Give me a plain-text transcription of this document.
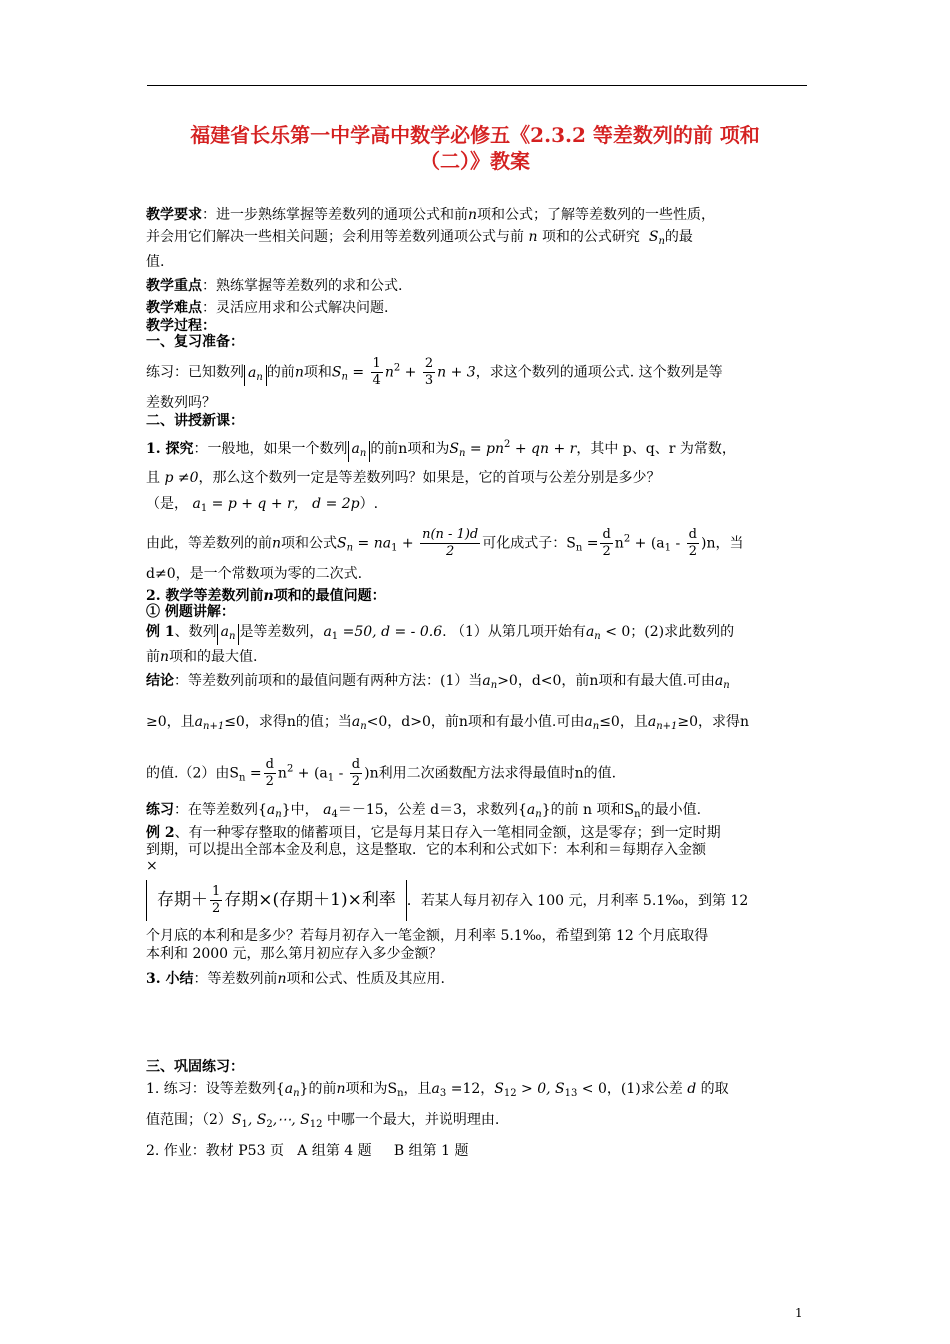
福建省长乐第一中学高中数学必修五《2.3.2 等差数列的前 项和
（二）》教案
教学要求：进一步熟练掌握等差数列的通项公式和前n项和公式；了解等差数列的一些性质，
并会用它们解决一些相关问题；会利用等差数列通项公式与前 n 项和的公式研究 $S_n$的最
值.
教学重点：熟练掌握等差数列的求和公式.
教学难点：灵活应用求和公式解决问题.
教学过程：
一、复习准备：
练习：已知数列 $a_n$ 的前n项和$S_n = \frac{1}{4} n^2 + \frac{2}{3}$ n + 3，求这个数列的通项公式. 这个数列是等
差数列吗？
二、讲授新课：
1. 探究：一般地，如果一个数列 $a_n$ 的前n项和为$S_n = pn^2$ + qn + r，其中 p、q、r 为常数，
且 p ≠0，那么这个数列一定是等差数列吗？如果是，它的首项与公差分别是多少？
（是， $a_1 = p + q + r$， d = 2p）.
由此，等差数列的前n项和公式$S_n = na_1 + \frac{n(n - 1)d}{2}$ 可化成式子：$S_n = \frac{d}{2} n^2 + (a_1 - \frac{d}{2} )n$，当
d≠0，是一个常数项为零的二次式.
2. 教学等差数列前n项和的最值问题：
① 例题讲解：
例 1、数列 $a_n$ 是等差数列，$a_1 =50$, d = - 0.6. （1）从第几项开始有$a_n < 0$；(2)求此数列的
前n项和的最大值.
结论：等差数列前项和的最值问题有两种方法：(1）当$a_n>0$，d<0，前n项和有最大值.可由$a_n$
≥0，且$a_{n+1}\le 0$，求得n的值；当$a_n<0$，d>0，前n项和有最小值.可由$a_n\le 0$，且$a_{n+1}\ge 0$，求得n
的值.（2）由$S_n = \frac{d}{2} n^2 + (a_1 - \frac{d}{2} )n$利用二次函数配方法求得最值时n的值.
练习：在等差数列$\{a_n\}$中， $a_4=-15$，公差 d＝3，求数列$\{a_n\}$的前 n 项和$S_n$的最小值.
例 2、有一种零存整取的储蓄项目，它是每月某日存入一笔相同金额，这是零存；到一定时期
到期，可以提出全部本金及利息，这是整取．它的本利和公式如下：本利和＝每期存入金额
×
存期＋ $\frac{1}{2}$ 存期×(存期＋1)×利率 ．若某人每月初存入 100 元，月利率 5.1‰，到第 12
个月底的本利和是多少？若每月初存入一笔金额，月利率 5.1‰，希望到第 12 个月底取得
本利和 2000 元，那么第月初应存入多少金额？
3. 小结：等差数列前n项和公式、性质及其应用.
三、巩固练习：
1. 练习：设等差数列$\{a_n\}$的前n项和为$S_n$，且$a_3 =12$，$S_{12} > 0$, $S_{13} < 0$，(1)求公差 d 的取
值范围；$(2)S_1$, $S_2,\cdots$, $S_{12}$ 中哪一个最大，并说明理由.
2. 作业：教材 P53 页   A 组第 4 题     B 组第 1 题
1
